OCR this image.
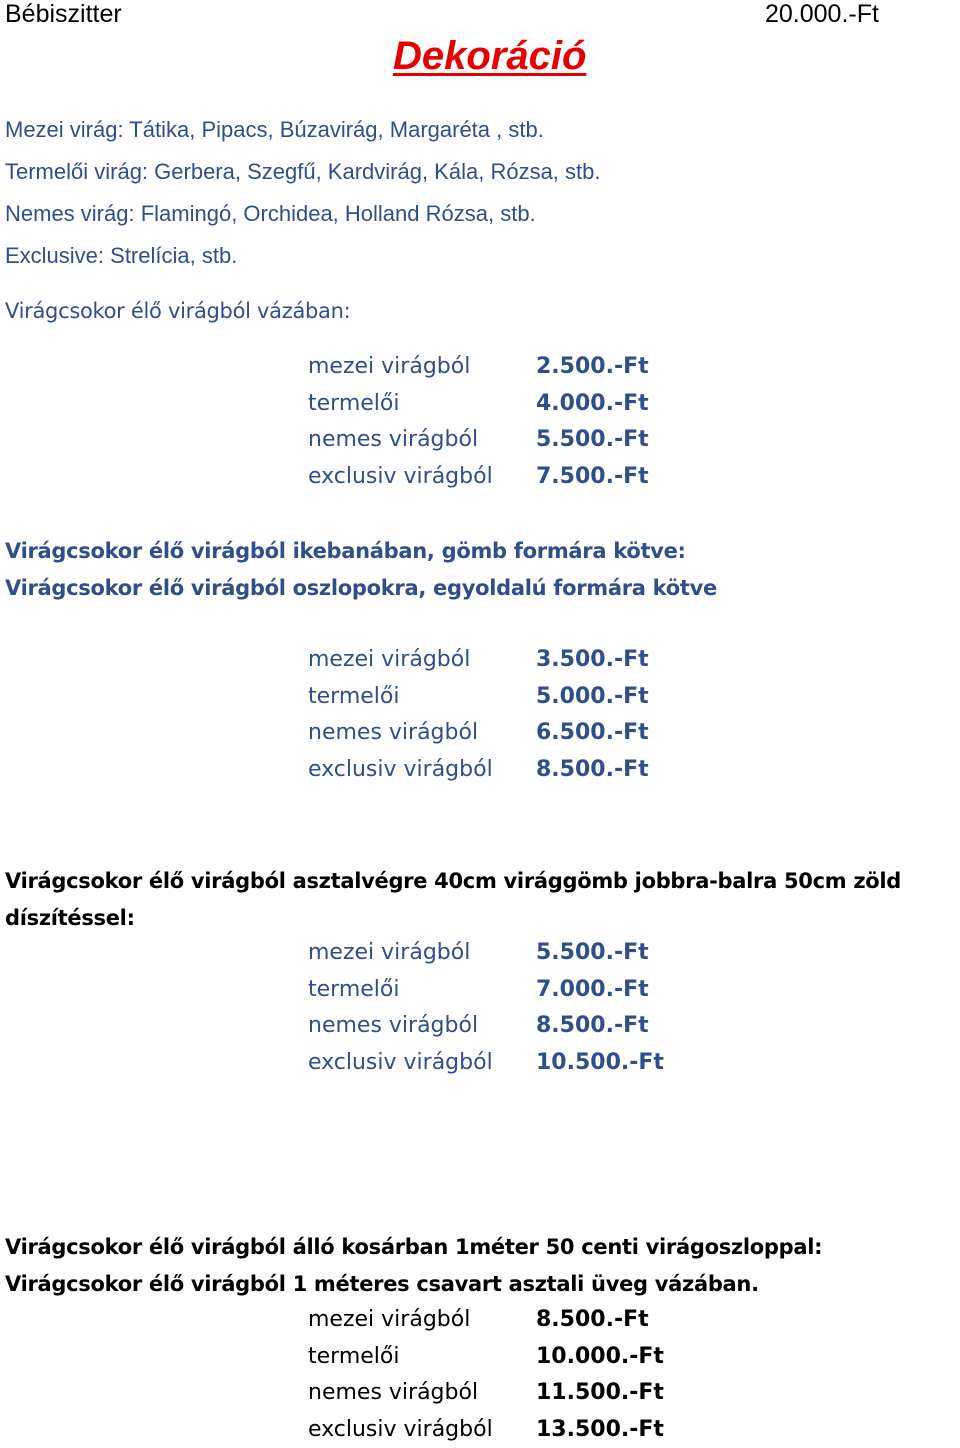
Bébiszitter	20.000.-Ft
Dekoráció
Mezei virág: Tátika, Pipacs, Búzavirág, Margaréta , stb.
Termelői virág: Gerbera, Szegfű, Kardvirág, Kála, Rózsa, stb.
Nemes virág: Flamingó, Orchidea, Holland Rózsa, stb.
Exclusive: Strelícia, stb.
Virágcsokor élő virágból vázában:
mezei virágból	2.500.-Ft
termelői	4.000.-Ft
nemes virágból	5.500.-Ft
exclusiv virágból	7.500.-Ft
Virágcsokor élő virágból ikebanában, gömb formára kötve:
Virágcsokor élő virágból oszlopokra, egyoldalú formára kötve
mezei virágból	3.500.-Ft
termelői	5.000.-Ft
nemes virágból	6.500.-Ft
exclusiv virágból	8.500.-Ft
Virágcsokor élő virágból asztalvégre 40cm virággömb jobbra-balra 50cm zöld
díszítéssel:
mezei virágból	5.500.-Ft
termelői	7.000.-Ft
nemes virágból	8.500.-Ft
exclusiv virágból	10.500.-Ft
Virágcsokor élő virágból álló kosárban 1méter 50 centi virágoszloppal:
Virágcsokor élő virágból 1 méteres csavart asztali üveg vázában.
mezei virágból	8.500.-Ft
termelői	10.000.-Ft
nemes virágból	11.500.-Ft
exclusiv virágból	13.500.-Ft
